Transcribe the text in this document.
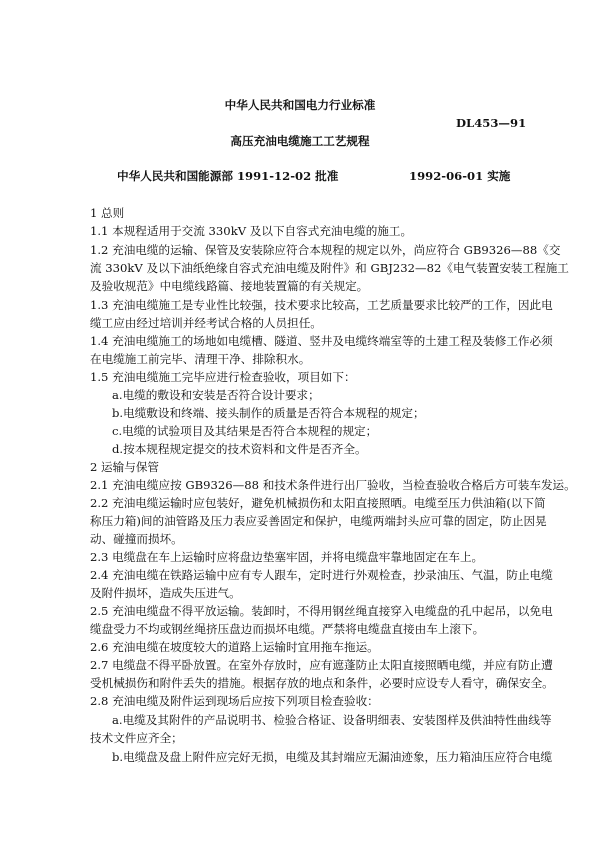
中华人民共和国电力行业标准
DL453—91
高压充油电缆施工工艺规程
中华人民共和国能源部 1991-12-02 批准	1992-06-01 实施
1 总则
1.1 本规程适用于交流 330kV 及以下自容式充油电缆的施工。
1.2 充油电缆的运输、保管及安装除应符合本规程的规定以外，尚应符合 GB9326—88《交
流 330kV 及以下油纸绝缘自容式充油电缆及附件》和 GBJ232—82《电气装置安装工程施工
及验收规范》中电缆线路篇、接地装置篇的有关规定。
1.3 充油电缆施工是专业性比较强，技术要求比较高，工艺质量要求比较严的工作，因此电
缆工应由经过培训并经考试合格的人员担任。
1.4 充油电缆施工的场地如电缆槽、隧道、竖井及电缆终端室等的土建工程及装修工作必须
在电缆施工前完毕、清理干净、排除积水。
1.5 充油电缆施工完毕应进行检查验收，项目如下：
a.电缆的敷设和安装是否符合设计要求；
b.电缆敷设和终端、接头制作的质量是否符合本规程的规定；
c.电缆的试验项目及其结果是否符合本规程的规定；
d.按本规程规定提交的技术资料和文件是否齐全。
2 运输与保管
2.1 充油电缆应按 GB9326—88 和技术条件进行出厂验收，当检查验收合格后方可装车发运。
2.2 充油电缆运输时应包装好，避免机械损伤和太阳直接照晒。电缆至压力供油箱(以下简
称压力箱)间的油管路及压力表应妥善固定和保护，电缆两端封头应可靠的固定，防止因晃
动、碰撞而损坏。
2.3 电缆盘在车上运输时应将盘边垫塞牢固，并将电缆盘牢靠地固定在车上。
2.4 充油电缆在铁路运输中应有专人跟车，定时进行外观检查，抄录油压、气温，防止电缆
及附件损坏，造成失压进气。
2.5 充油电缆盘不得平放运输。装卸时，不得用钢丝绳直接穿入电缆盘的孔中起吊，以免电
缆盘受力不均或钢丝绳挤压盘边而损坏电缆。严禁将电缆盘直接由车上滚下。
2.6 充油电缆在坡度较大的道路上运输时宜用拖车拖运。
2.7 电缆盘不得平卧放置。在室外存放时，应有遮蓬防止太阳直接照晒电缆，并应有防止遭
受机械损伤和附件丢失的措施。根据存放的地点和条件，必要时应设专人看守，确保安全。
2.8 充油电缆及附件运到现场后应按下列项目检查验收：
a.电缆及其附件的产品说明书、检验合格证、设备明细表、安装图样及供油特性曲线等
技术文件应齐全；
b.电缆盘及盘上附件应完好无损，电缆及其封端应无漏油迹象，压力箱油压应符合电缆
